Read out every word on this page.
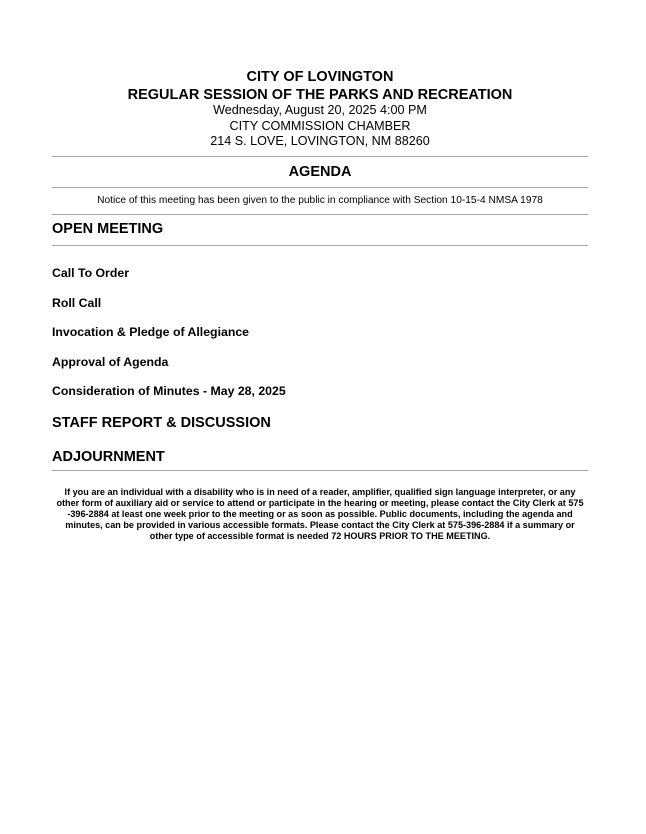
CITY OF LOVINGTON
REGULAR SESSION OF THE PARKS AND RECREATION
Wednesday, August 20, 2025 4:00 PM
CITY COMMISSION CHAMBER
214 S. LOVE, LOVINGTON, NM 88260
AGENDA
Notice of this meeting has been given to the public in compliance with Section 10-15-4 NMSA 1978
OPEN MEETING
Call To Order
Roll Call
Invocation & Pledge of Allegiance
Approval of Agenda
Consideration of Minutes - May 28, 2025
STAFF REPORT & DISCUSSION
ADJOURNMENT
If you are an individual with a disability who is in need of a reader, amplifier, qualified sign language interpreter, or any other form of auxiliary aid or service to attend or participate in the hearing or meeting, please contact the City Clerk at 575 -396-2884 at least one week prior to the meeting or as soon as possible. Public documents, including the agenda and minutes, can be provided in various accessible formats. Please contact the City Clerk at 575-396-2884 if a summary or other type of accessible format is needed 72 HOURS PRIOR TO THE MEETING.
